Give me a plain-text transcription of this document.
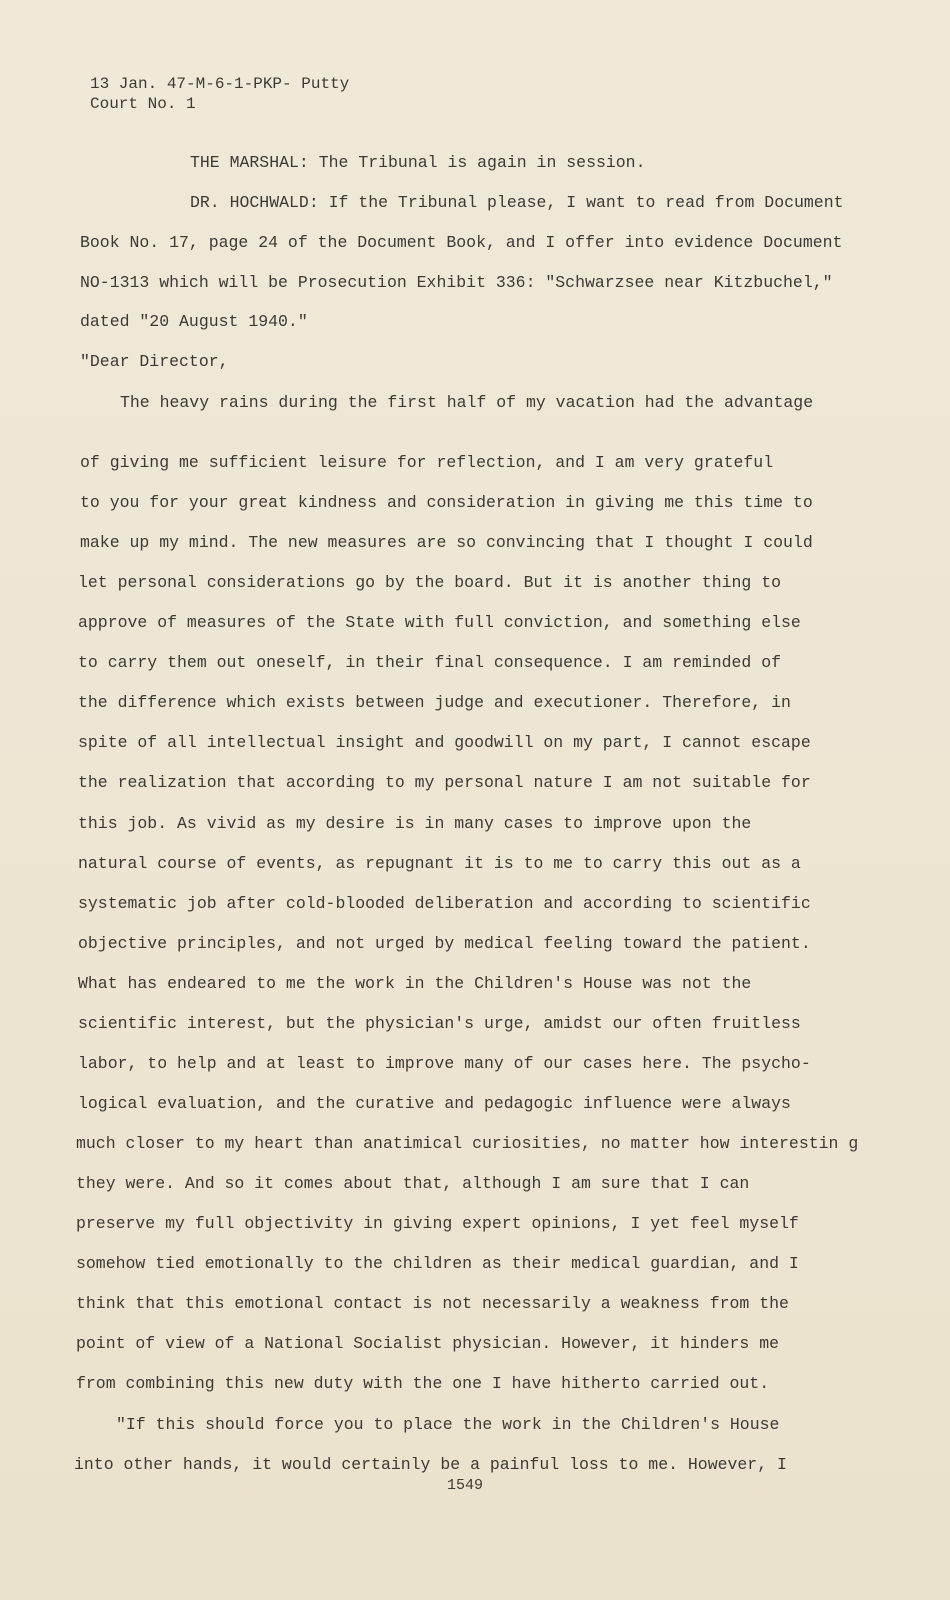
13 Jan. 47-M-6-1-PKP- Putty
Court No. 1
THE MARSHAL: The Tribunal is again in session.
DR. HOCHWALD: If the Tribunal please, I want to read from Document
Book No. 17, page 24 of the Document Book, and I offer into evidence Document
NO-1313 which will be Prosecution Exhibit 336: "Schwarzsee near Kitzbuchel,"
dated "20 August 1940."
"Dear Director,
The heavy rains during the first half of my vacation had the advantage
of giving me sufficient leisure for reflection, and I am very grateful
to you for your great kindness and consideration in giving me this time to
make up my mind. The new measures are so convincing that I thought I could
let personal considerations go by the board. But it is another thing to
approve of measures of the State with full conviction, and something else
to carry them out oneself, in their final consequence. I am reminded of
the difference which exists between judge and executioner. Therefore, in
spite of all intellectual insight and goodwill on my part, I cannot escape
the realization that according to my personal nature I am not suitable for
this job. As vivid as my desire is in many cases to improve upon the
natural course of events, as repugnant it is to me to carry this out as a
systematic job after cold-blooded deliberation and according to scientific
objective principles, and not urged by medical feeling toward the patient.
What has endeared to me the work in the Children's House was not the
scientific interest, but the physician's urge, amidst our often fruitless
labor, to help and at least to improve many of our cases here. The psycho-
logical evaluation, and the curative and pedagogic influence were always
much closer to my heart than anatimical curiosities, no matter how interestin g
they were. And so it comes about that, although I am sure that I can
preserve my full objectivity in giving expert opinions, I yet feel myself
somehow tied emotionally to the children as their medical guardian, and I
think that this emotional contact is not necessarily a weakness from the
point of view of a National Socialist physician. However, it hinders me
from combining this new duty with the one I have hitherto carried out.
"If this should force you to place the work in the Children's House
into other hands, it would certainly be a painful loss to me. However, I
1549
